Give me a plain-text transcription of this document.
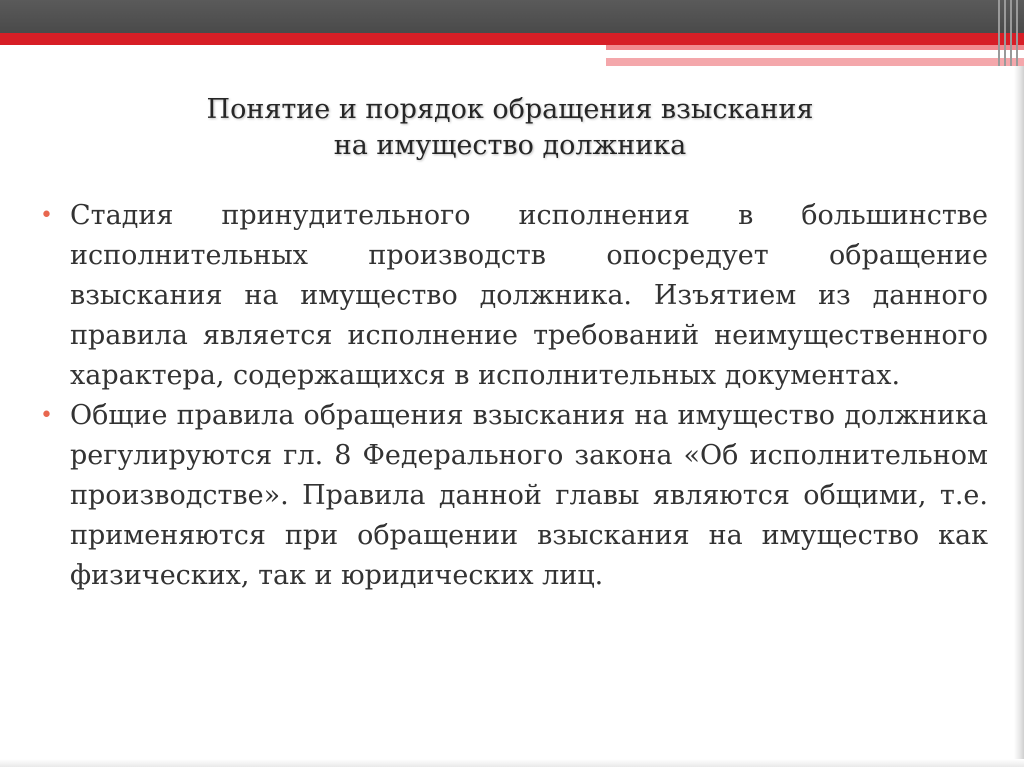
Понятие и порядок обращения взыскания
на имущество должника
• Стадия принудительного исполнения в большинстве исполнительных производств опосредует обращение взыскания на имущество должника. Изъятием из данного правила является исполнение требований неимущественного характера, содержащихся в исполнительных документах.
• Общие правила обращения взыскания на имущество должника регулируются гл. 8 Федерального закона «Об исполнительном производстве». Правила данной главы являются общими, т.е. применяются при обращении взыскания на имущество как физических, так и юридических лиц.
